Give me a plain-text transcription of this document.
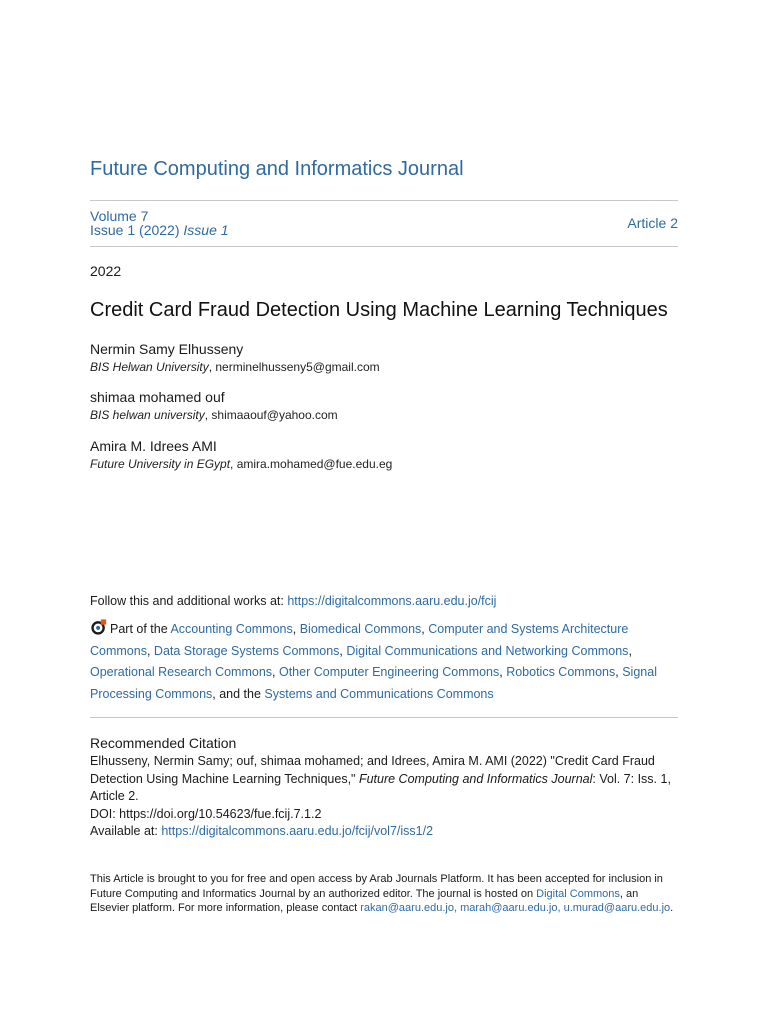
Future Computing and Informatics Journal
Volume 7
Issue 1 (2022) Issue 1	Article 2
2022
Credit Card Fraud Detection Using Machine Learning Techniques
Nermin Samy Elhusseny
BIS Helwan University, nerminelhusseny5@gmail.com
shimaa mohamed ouf
BIS helwan university, shimaaouf@yahoo.com
Amira M. Idrees AMI
Future University in EGypt, amira.mohamed@fue.edu.eg
Follow this and additional works at: https://digitalcommons.aaru.edu.jo/fcij
Part of the Accounting Commons, Biomedical Commons, Computer and Systems Architecture Commons, Data Storage Systems Commons, Digital Communications and Networking Commons, Operational Research Commons, Other Computer Engineering Commons, Robotics Commons, Signal Processing Commons, and the Systems and Communications Commons
Recommended Citation
Elhusseny, Nermin Samy; ouf, shimaa mohamed; and Idrees, Amira M. AMI (2022) "Credit Card Fraud Detection Using Machine Learning Techniques," Future Computing and Informatics Journal: Vol. 7: Iss. 1, Article 2.
DOI: https://doi.org/10.54623/fue.fcij.7.1.2
Available at: https://digitalcommons.aaru.edu.jo/fcij/vol7/iss1/2
This Article is brought to you for free and open access by Arab Journals Platform. It has been accepted for inclusion in Future Computing and Informatics Journal by an authorized editor. The journal is hosted on Digital Commons, an Elsevier platform. For more information, please contact rakan@aaru.edu.jo, marah@aaru.edu.jo, u.murad@aaru.edu.jo.
